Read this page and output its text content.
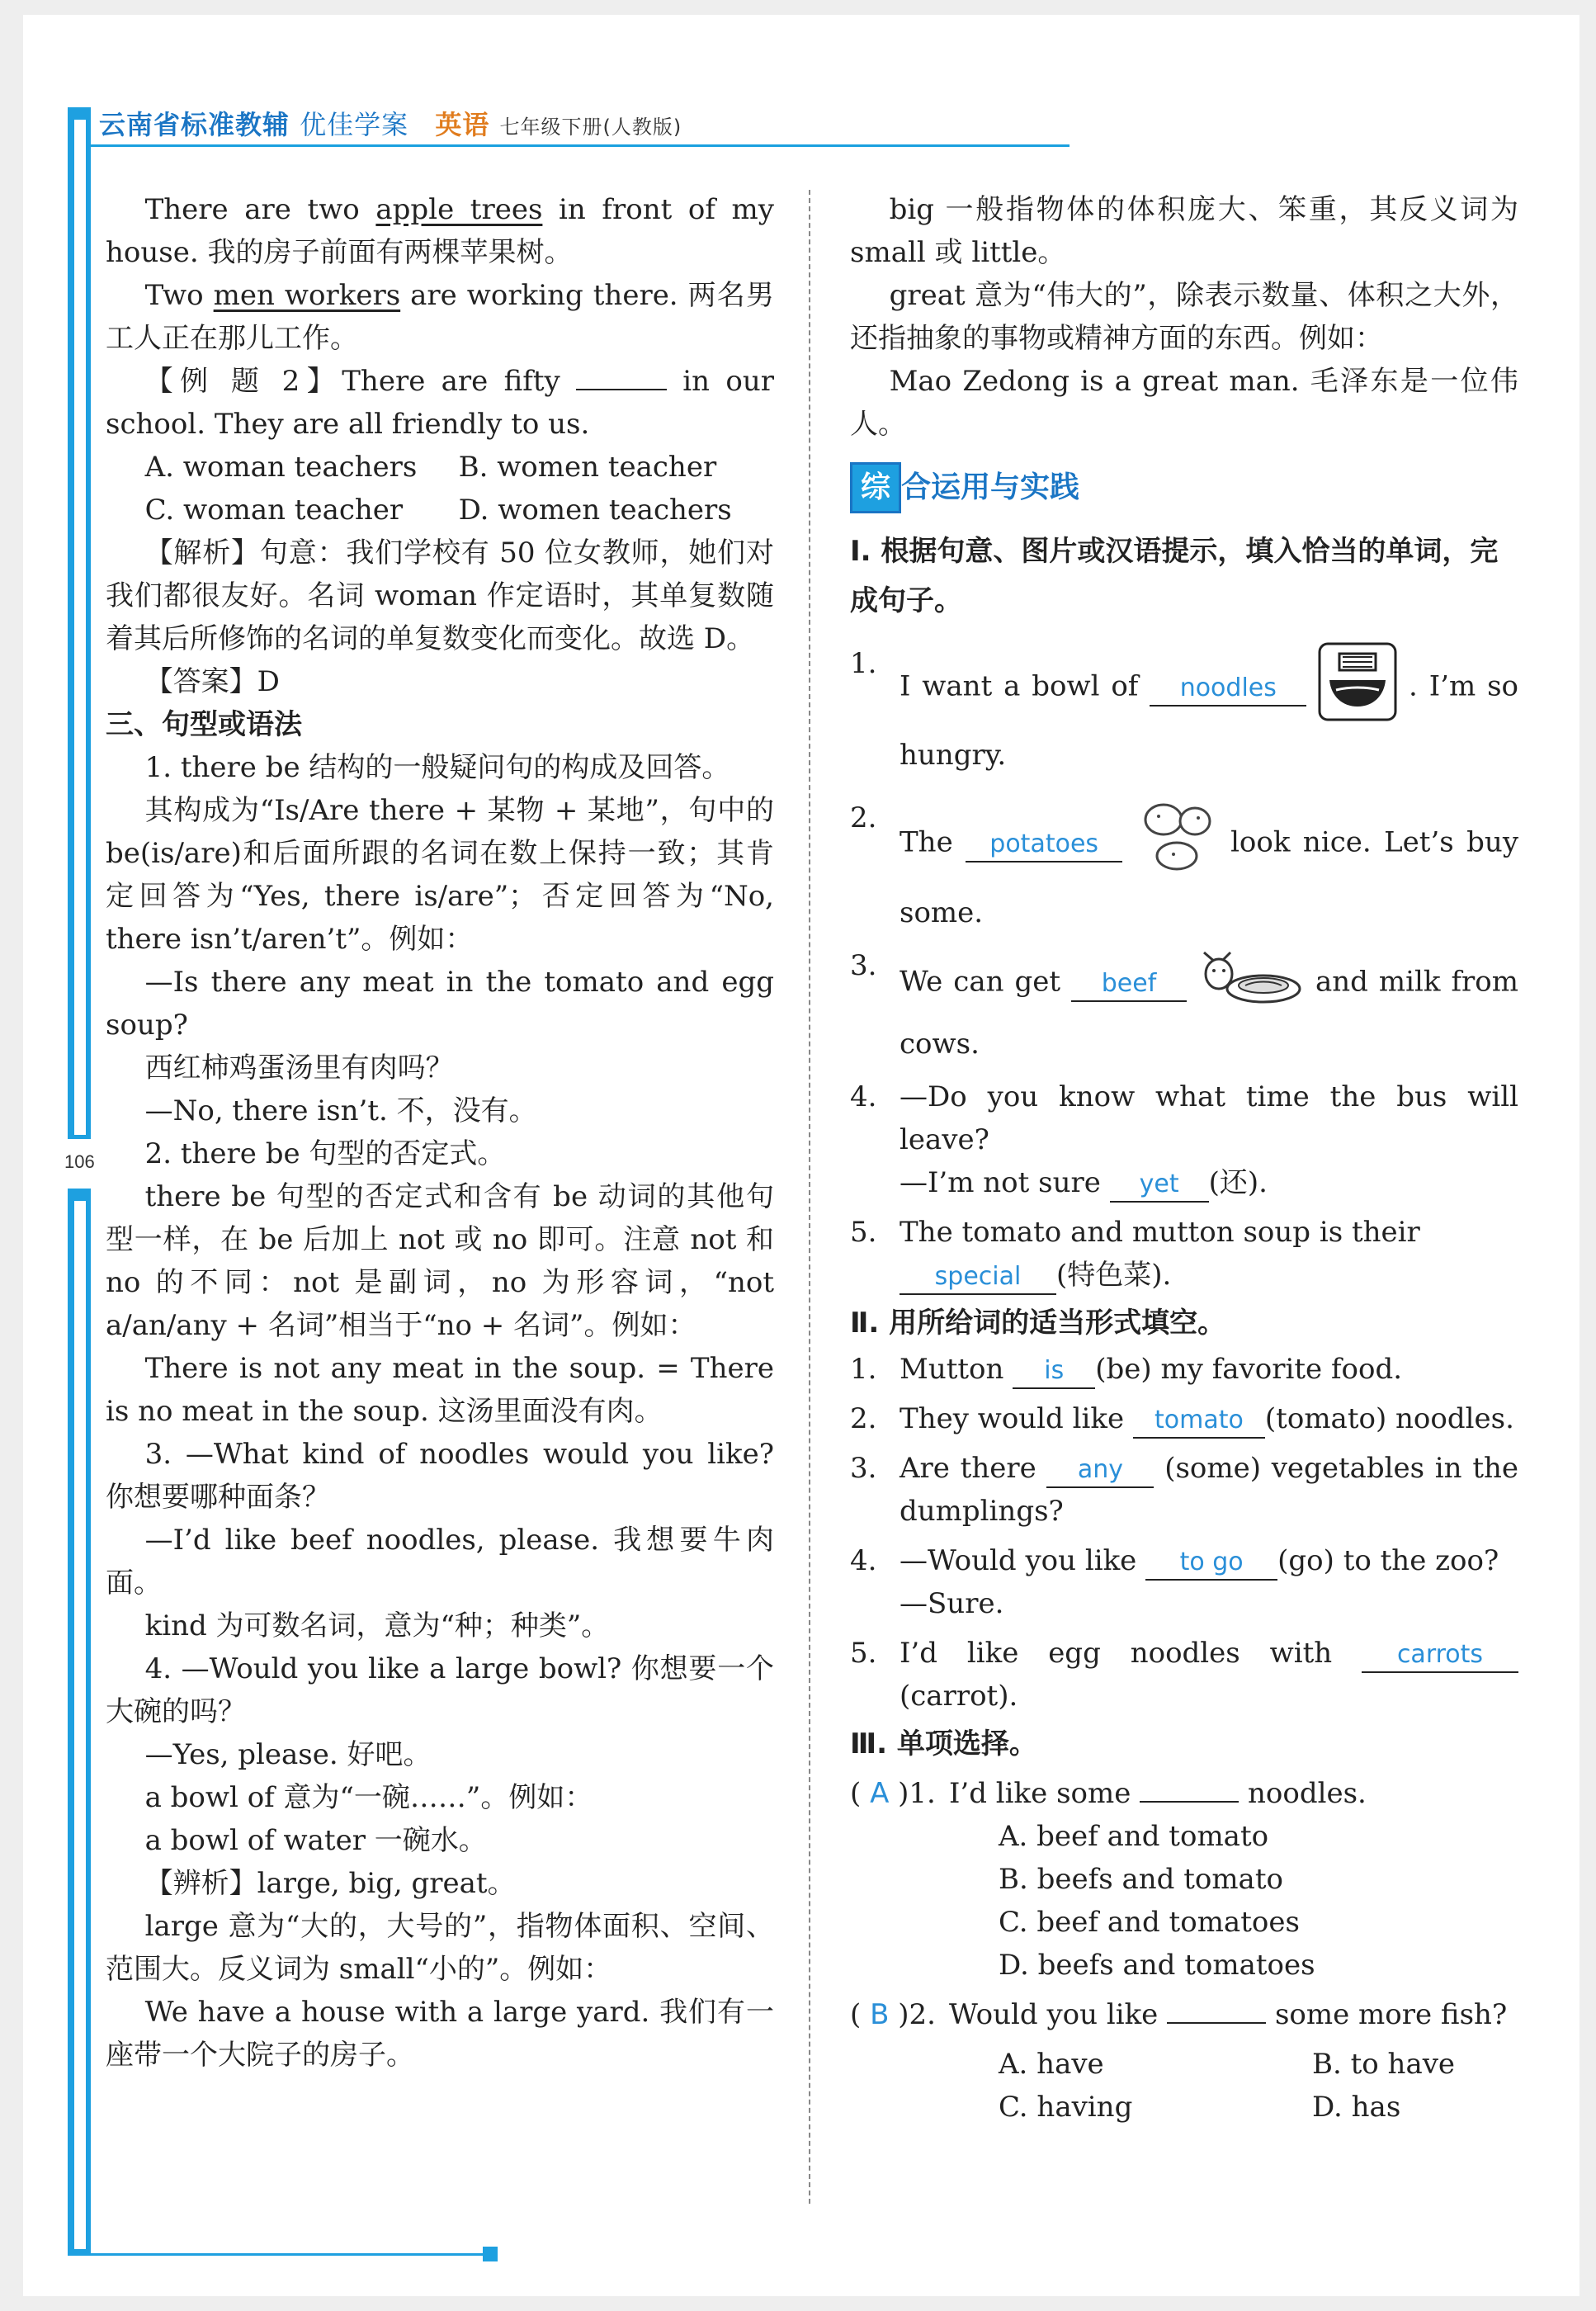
云南省标准教辅 优佳学案 英语 七年级下册(人教版)
106

There are two apple trees in front of my house. 我的房子前面有两棵苹果树。

Two men workers are working there. 两名男工人正在那儿工作。

【例 题 2】There are fifty	in our school. They are all friendly to us.

A. woman teachers	B. women teacher
C. woman teacher	D. women teachers

【解析】句意：我们学校有 50 位女教师，她们对我们都很友好。名词 woman 作定语时，其单复数随着其后所修饰的名词的单复数变化而变化。故选 D。

【答案】D

三、句型或语法

1. there be 结构的一般疑问句的构成及回答。

其构成为“Is/Are there + 某物 + 某地”，句中的 be(is/are)和后面所跟的名词在数上保持一致；其肯定回答为“Yes, there is/are”；否定回答为“No, there isn’t/aren’t”。例如：

—Is there any meat in the tomato and egg soup?

西红柿鸡蛋汤里有肉吗？

—No, there isn’t. 不，没有。

2. there be 句型的否定式。

there be 句型的否定式和含有 be 动词的其他句型一样，在 be 后加上 not 或 no 即可。注意 not 和 no 的不同：not 是副词，no 为形容词，“not a/an/any + 名词”相当于“no + 名词”。例如：

There is not any meat in the soup. = There is no meat in the soup. 这汤里面没有肉。

3. —What kind of noodles would you like? 你想要哪种面条？

—I’d like beef noodles, please. 我想要牛肉面。

kind 为可数名词，意为“种；种类”。

4. —Would you like a large bowl? 你想要一个大碗的吗？

—Yes, please. 好吧。

a bowl of 意为“一碗……”。例如：

a bowl of water 一碗水。

【辨析】large, big, great。

large 意为“大的，大号的”，指物体面积、空间、范围大。反义词为 small“小的”。例如：

We have a house with a large yard. 我们有一座带一个大院子的房子。

big 一般指物体的体积庞大、笨重，其反义词为 small 或 little。

great 意为“伟大的”，除表示数量、体积之大外，还指抽象的事物或精神方面的东西。例如：

Mao Zedong is a great man. 毛泽东是一位伟人。

综 合运用与实践

Ⅰ. 根据句意、图片或汉语提示，填入恰当的单词，完成句子。

1.
I want a bowl of noodles	. I’m so hungry.
2.
The potatoes	look nice. Let’s buy some.
3. We can get beef	and milk from cows.
4. —Do you know what time the bus will leave?
—I’m not sure yet (还).
5. The tomato and mutton soup is their
special (特色菜).

Ⅱ. 用所给词的适当形式填空。

1. Mutton is (be) my favorite food.
2. They would like tomato (tomato) noodles.
3. Are there any (some) vegetables in the dumplings?
4. —Would you like to go (go) to the zoo?
—Sure.
5. I’d like egg noodles with	carrots(carrot).

Ⅲ. 单项选择。

( A )1. I’d like some	noodles.

A. beef and tomato

B. beefs and tomato

C. beef and tomatoes

D. beefs and tomatoes

( B )2. Would you like	some more fish?
A. have	B. to have
C. having	D. has
